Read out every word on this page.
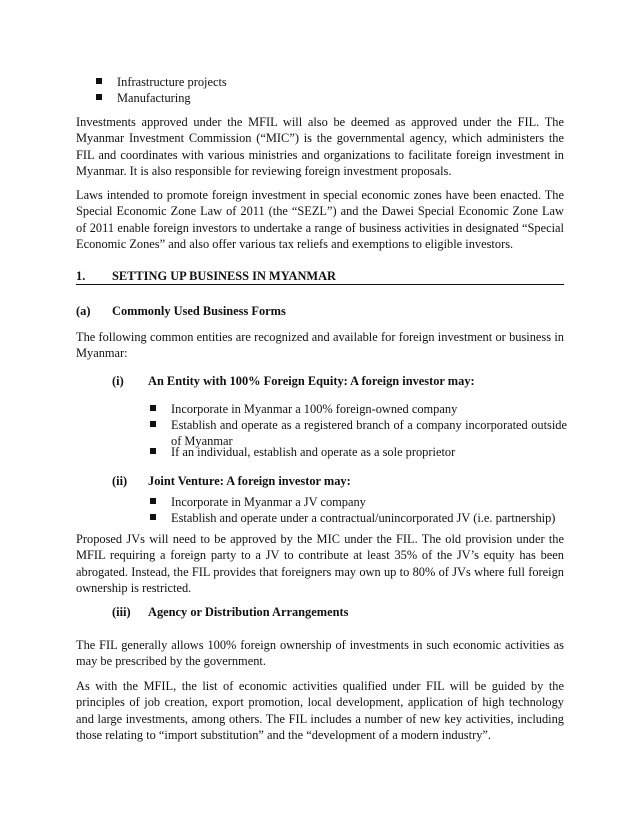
Infrastructure projects
Manufacturing
Investments approved under the MFIL will also be deemed as approved under the FIL. The Myanmar Investment Commission (“MIC”) is the governmental agency, which administers the FIL and coordinates with various ministries and organizations to facilitate foreign investment in Myanmar. It is also responsible for reviewing foreign investment proposals.
Laws intended to promote foreign investment in special economic zones have been enacted. The Special Economic Zone Law of 2011 (the “SEZL”) and the Dawei Special Economic Zone Law of 2011 enable foreign investors to undertake a range of business activities in designated “Special Economic Zones” and also offer various tax reliefs and exemptions to eligible investors.
1. SETTING UP BUSINESS IN MYANMAR
(a) Commonly Used Business Forms
The following common entities are recognized and available for foreign investment or business in Myanmar:
(i) An Entity with 100% Foreign Equity: A foreign investor may:
Incorporate in Myanmar a 100% foreign-owned company
Establish and operate as a registered branch of a company incorporated outside of Myanmar
If an individual, establish and operate as a sole proprietor
(ii) Joint Venture: A foreign investor may:
Incorporate in Myanmar a JV company
Establish and operate under a contractual/unincorporated JV (i.e. partnership)
Proposed JVs will need to be approved by the MIC under the FIL. The old provision under the MFIL requiring a foreign party to a JV to contribute at least 35% of the JV’s equity has been abrogated. Instead, the FIL provides that foreigners may own up to 80% of JVs where full foreign ownership is restricted.
(iii) Agency or Distribution Arrangements
The FIL generally allows 100% foreign ownership of investments in such economic activities as may be prescribed by the government.
As with the MFIL, the list of economic activities qualified under FIL will be guided by the principles of job creation, export promotion, local development, application of high technology and large investments, among others. The FIL includes a number of new key activities, including those relating to “import substitution” and the “development of a modern industry”.
